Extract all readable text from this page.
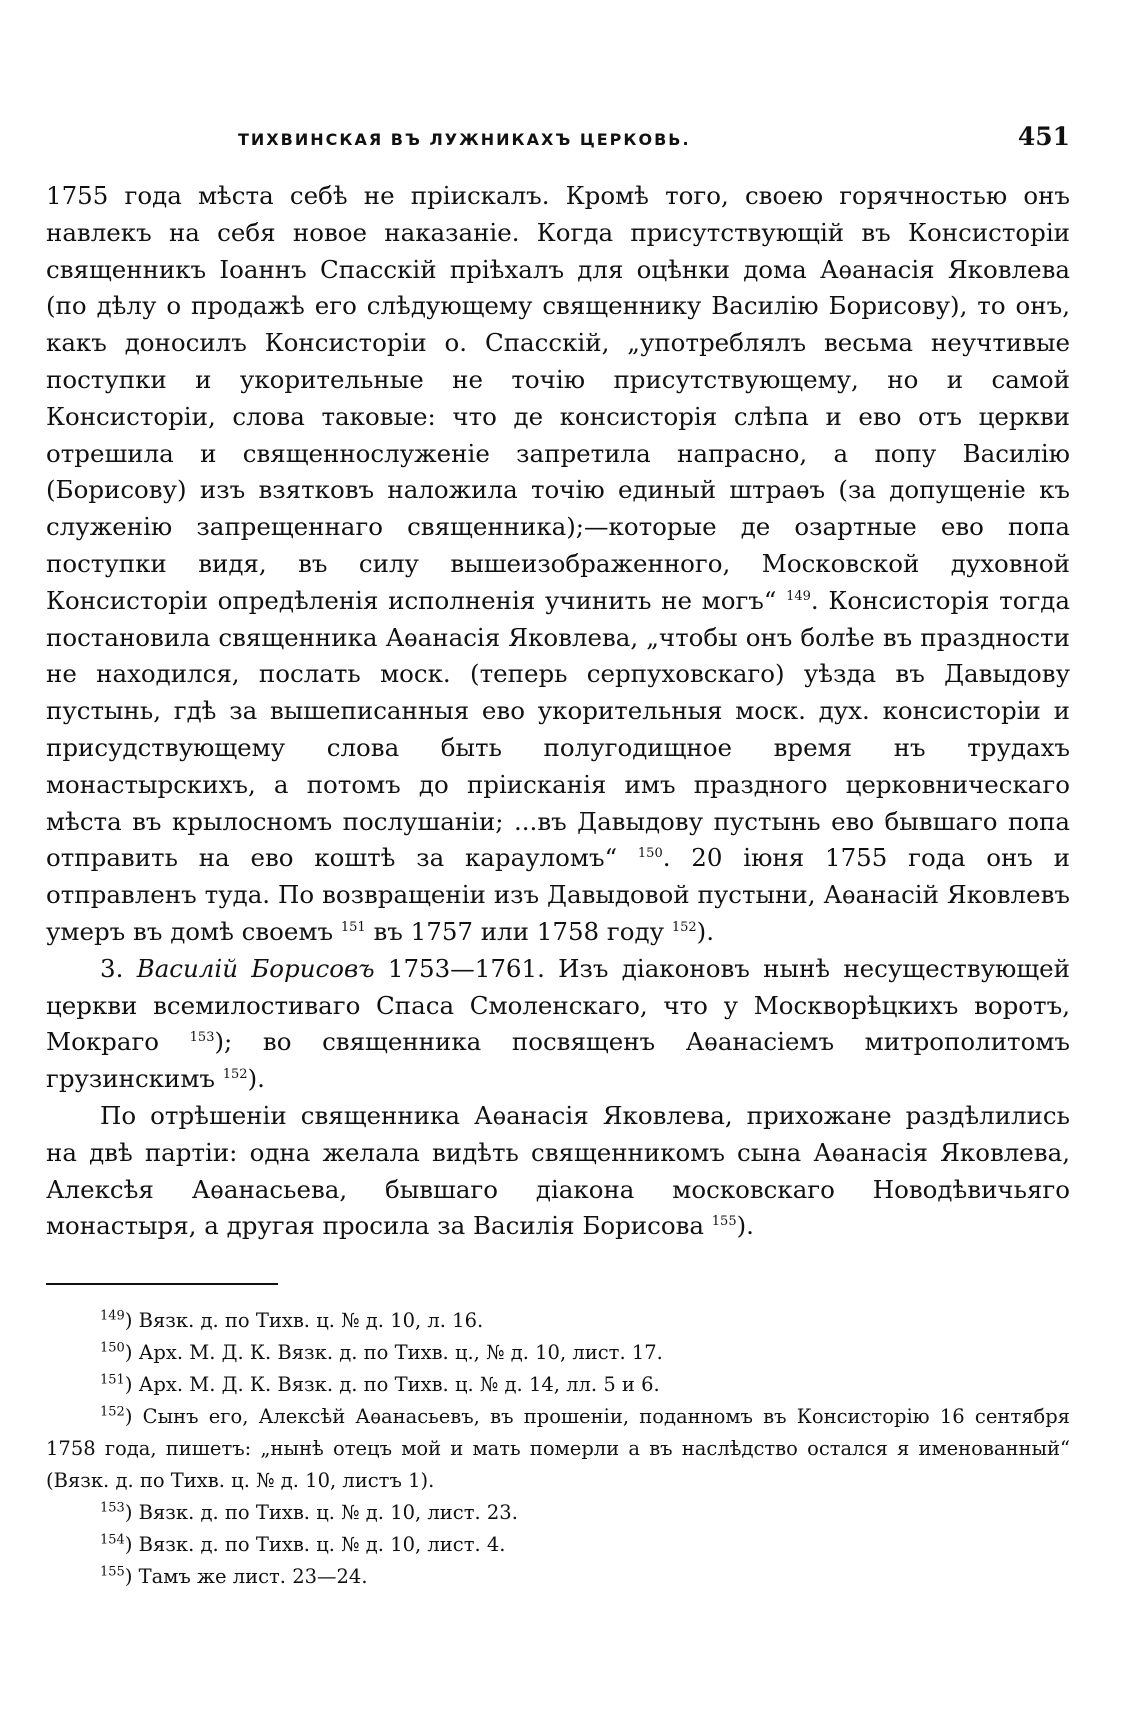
ТИХВИНСКАЯ ВЪ ЛУЖНИКАХЪ ЦЕРКОВЬ.	451

1755 года мѣста себѣ не прiискалъ. Кромѣ того, своею горячностью онъ навлекъ на себя новое наказанiе. Когда присутствующiй въ Консисторiи священникъ Iоаннъ Спасскiй прiѣхалъ для оцѣнки дома Аѳанасiя Яковлева (по дѣлу о продажѣ его слѣдующему священнику Василiю Борисову), то онъ, какъ доносилъ Консисторiи о. Спасскiй, „употреблялъ весьма неучтивые поступки и укорительные не точiю присутствующему, но и самой Консисторiи, слова таковые: что де консисторiя слѣпа и ево отъ церкви отрешила и священнослуженiе запретила напрасно, а попу Василiю (Борисову) изъ взятковъ наложила точiю единый штраѳъ (за допущенiе къ служенiю запрещеннаго священника);—которые де озартные ево попа поступки видя, въ силу вышеизображенного, Московской духовной Консисторiи опредѣленiя исполненiя учинить не могъ“ $^{149}$. Консисторiя тогда постановила священника Аѳанасiя Яковлева, „чтобы онъ болѣе въ праздности не находился, послать моск. (теперь серпуховскаго) уѣзда въ Давыдову пустынь, гдѣ за вышеписанныя ево укорительныя моск. дух. консисторiи и присудствующему слова быть полугодищное время нъ трудахъ монастырскихъ, а потомъ до прiисканiя имъ праздного церковническаго мѣста въ крылосномъ послушанiи; ...въ Давыдову пустынь ево бывшаго попа отправить на ево коштѣ за карауломъ“ $^{150}$. 20 iюня 1755 года онъ и отправленъ туда. По возвращенiи изъ Давыдовой пустыни, Аѳанасiй Яковлевъ умеръ въ домѣ своемъ $^{151}$ въ 1757 или 1758 году $^{152}$).

3. Василiй Борисовъ 1753—1761. Изъ дiаконовъ нынѣ несуществующей церкви всемилостиваго Спаса Смоленскаго, что у Москворѣцкихъ воротъ, Мокраго $^{153}$); во священника посвященъ Аѳанасiемъ митрополитомъ грузинскимъ $^{152}$).

По отрѣшенiи священника Аѳанасiя Яковлева, прихожане раздѣлились на двѣ партiи: одна желала видѣть священникомъ сына Аѳанасiя Яковлева, Алексѣя Аѳанасьева, бывшаго дiакона московскаго Новодѣвичьяго монастыря, а другая просила за Василiя Борисова $^{155}$).

$^{149}$) Вязк. д. по Тихв. ц. № д. 10, л. 16.

$^{150}$) Арх. М. Д. К. Вязк. д. по Тихв. ц., № д. 10, лист. 17.

$^{151}$) Арх. М. Д. К. Вязк. д. по Тихв. ц. № д. 14, лл. 5 и 6.

$^{152}$) Сынъ его, Алексѣй Аѳанасьевъ, въ прошенiи, поданномъ въ Консисторiю 16 сентября 1758 года, пишетъ: „нынѣ отецъ мой и мать померли а въ наслѣдство остался я именованный“ (Вязк. д. по Тихв. ц. № д. 10, листъ 1).

$^{153}$) Вязк. д. по Тихв. ц. № д. 10, лист. 23.

$^{154}$) Вязк. д. по Тихв. ц. № д. 10, лист. 4.

$^{155}$) Тамъ же лист. 23—24.
